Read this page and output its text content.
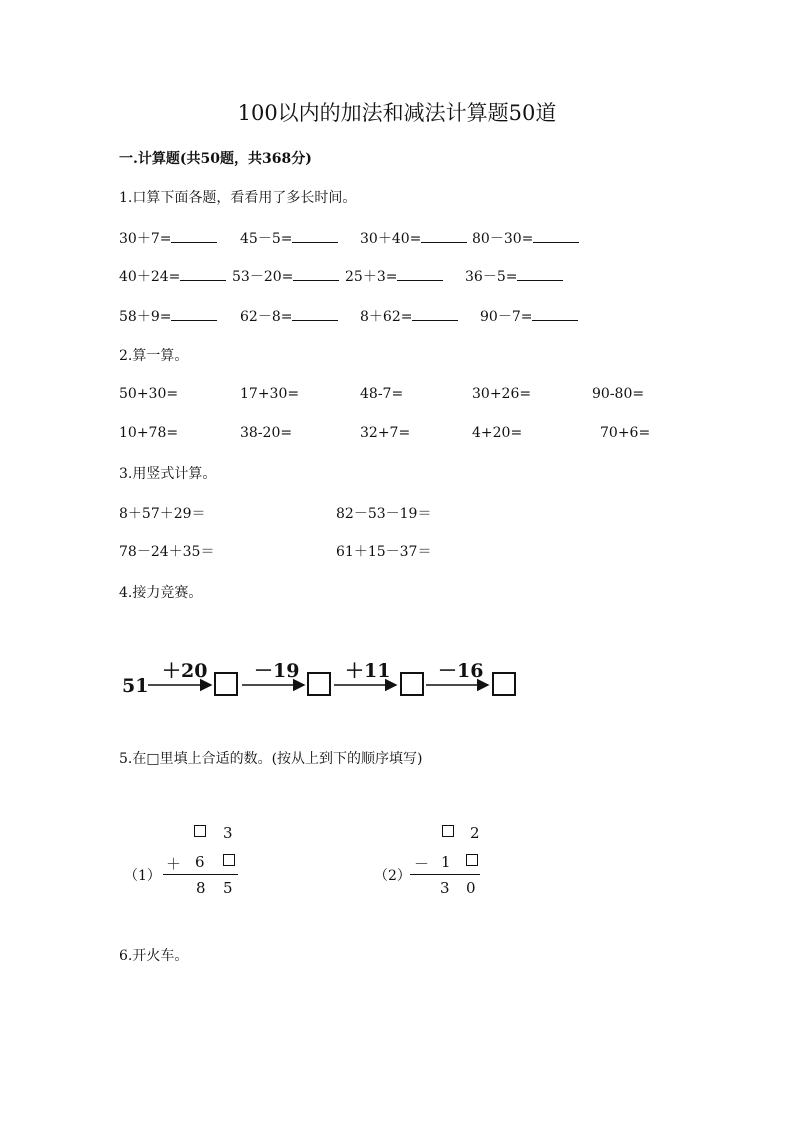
100以内的加法和减法计算题50道
一.计算题(共50题，共368分)
1.口算下面各题，看看用了多长时间。
30＋7=	45－5=	30＋40=	80－30=
40＋24=	53－20=	25＋3=	36－5=
58＋9=	62－8=	8＋62=	90－7=
2.算一算。
50+30=	17+30=	48-7=	30+26=	90-80=
10+78=	38-20=	32+7=	4+20=	70+6=
3.用竖式计算。
8＋57＋29＝	82－53－19＝
78－24＋35＝	61＋15－37＝
4.接力竞赛。
51
＋20 －19 ＋11	－16
5.在□里填上合适的数。(按从上到下的顺序填写)
3
＋ 6
（1）
8 5
2
－ 1
（2）
3 0
6.开火车。
